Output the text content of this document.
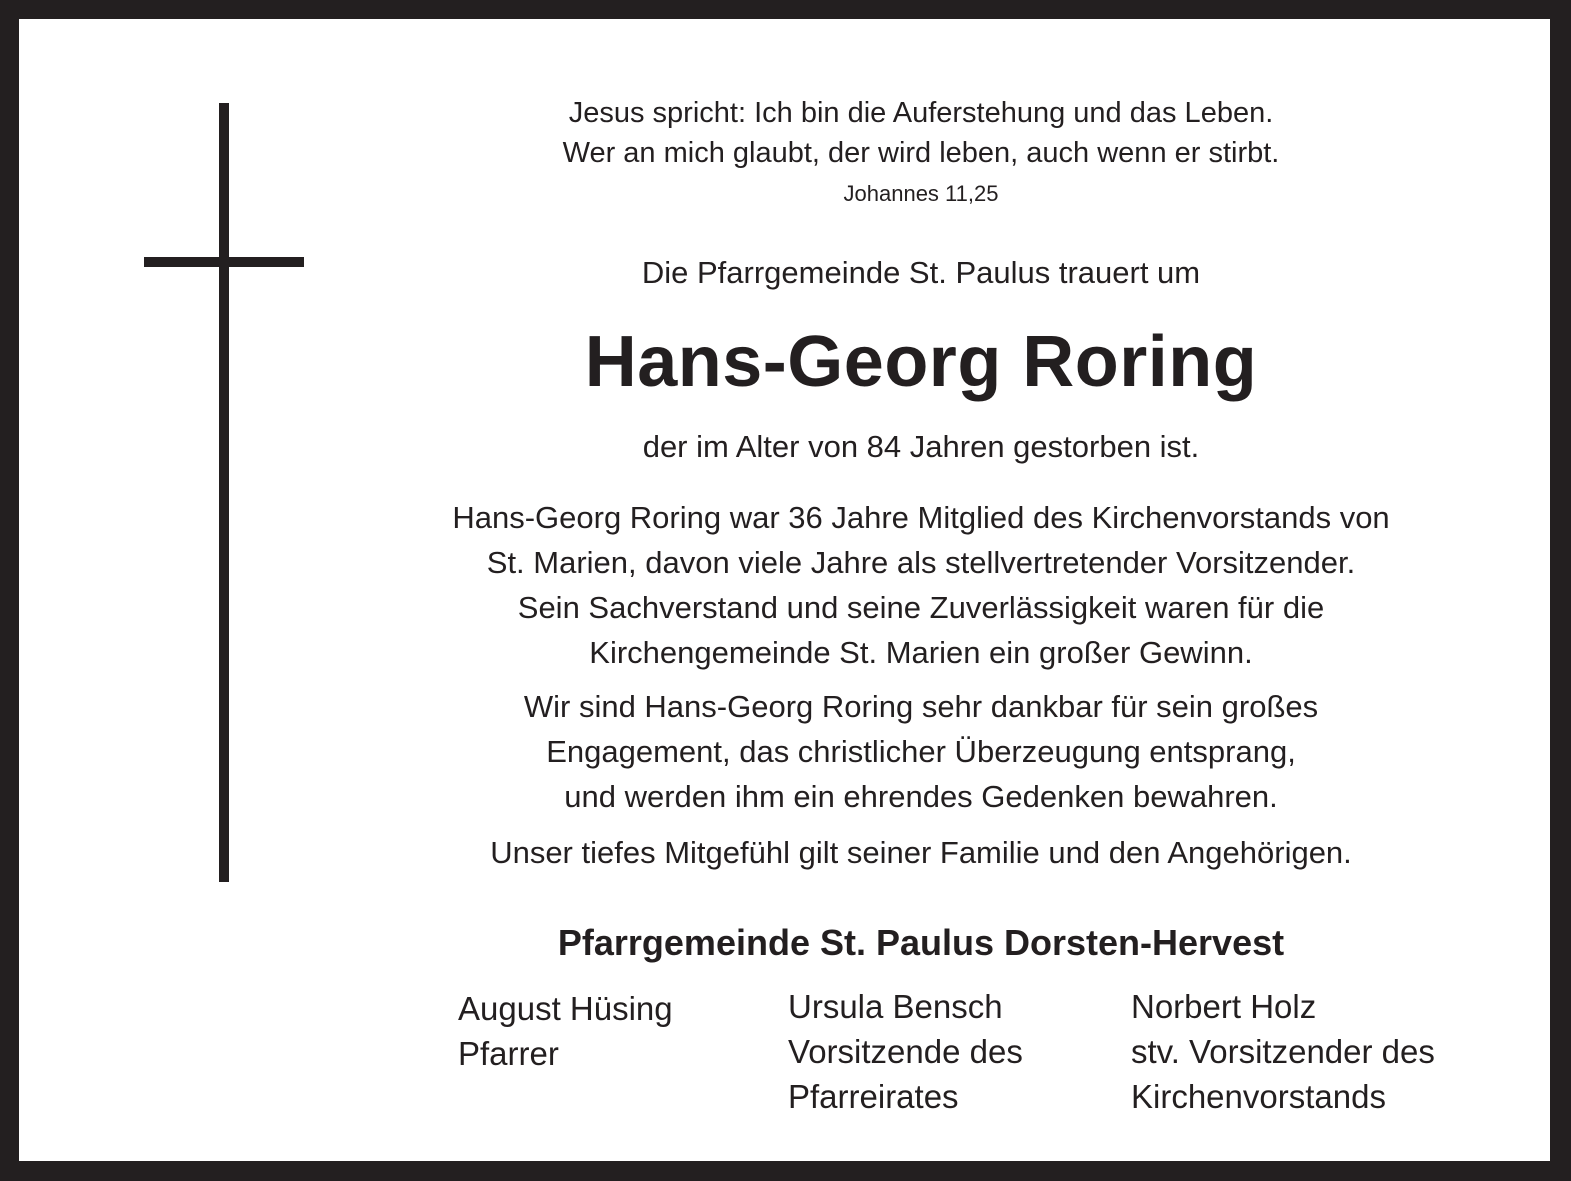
Jesus spricht: Ich bin die Auferstehung und das Leben.
Wer an mich glaubt, der wird leben, auch wenn er stirbt.
Johannes 11,25
Die Pfarrgemeinde St. Paulus trauert um
Hans-Georg Roring
der im Alter von 84 Jahren gestorben ist.
Hans-Georg Roring war 36 Jahre Mitglied des Kirchenvorstands von
St. Marien, davon viele Jahre als stellvertretender Vorsitzender.
Sein Sachverstand und seine Zuverlässigkeit waren für die
Kirchengemeinde St. Marien ein großer Gewinn.
Wir sind Hans-Georg Roring sehr dankbar für sein großes
Engagement, das christlicher Überzeugung entsprang,
und werden ihm ein ehrendes Gedenken bewahren.
Unser tiefes Mitgefühl gilt seiner Familie und den Angehörigen.
Pfarrgemeinde St. Paulus Dorsten-Hervest
August Hüsing
Pfarrer
Ursula Bensch
Vorsitzende des
Pfarreirates
Norbert Holz
stv. Vorsitzender des
Kirchenvorstands
